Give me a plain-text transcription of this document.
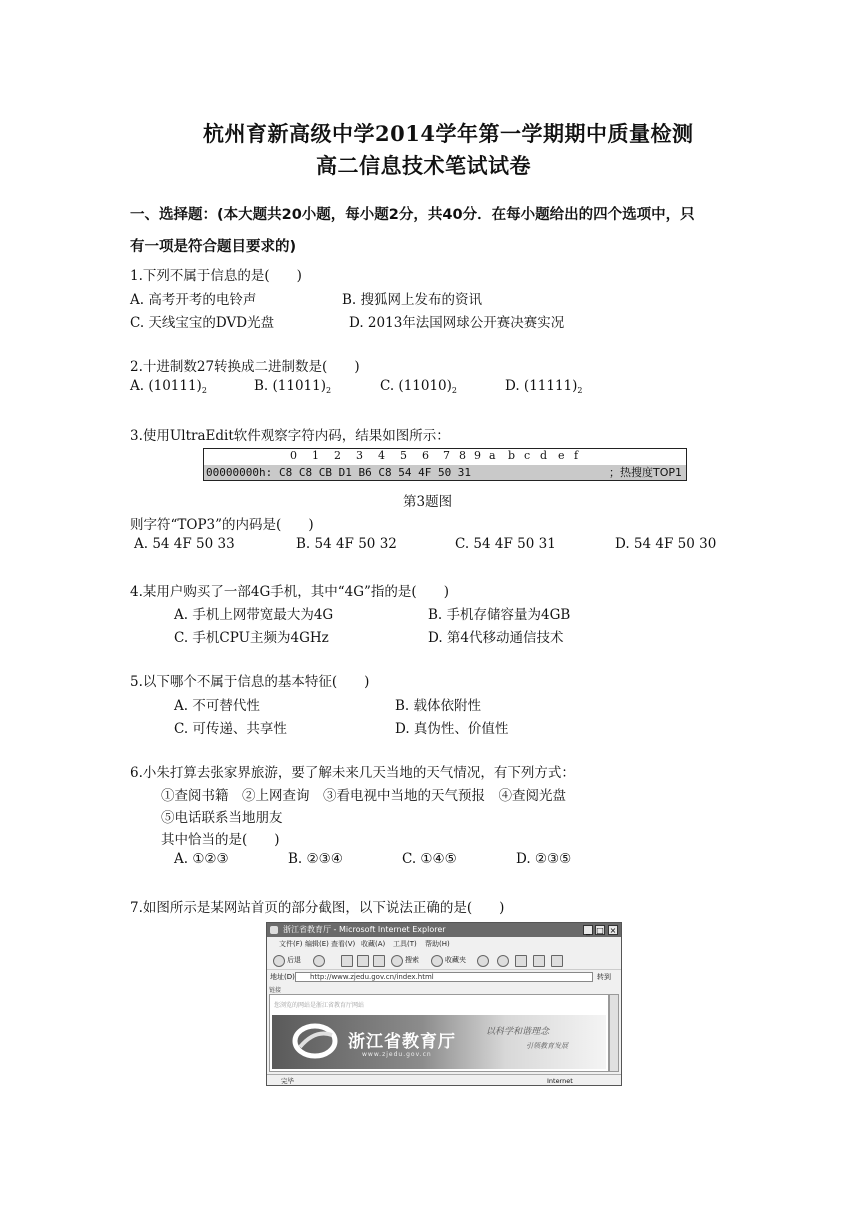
杭州育新高级中学2014学年第一学期期中质量检测
高二信息技术笔试试卷
一、选择题：(本大题共20小题，每小题2分，共40分．在每小题给出的四个选项中，只
有一项是符合题目要求的)
1.下列不属于信息的是(　　)
A. 高考开考的电铃声	B. 搜狐网上发布的资讯
C. 天线宝宝的DVD光盘	D. 2013年法国网球公开赛决赛实况
2.十进制数27转换成二进制数是(　　)
A. $(10111)_2$	B. $(11011)_2$	C. $(11010)_2$	D. $(11111)_2$
3.使用UltraEdit软件观察字符内码，结果如图所示：
0 1 2 3 4 5 6 7 8 9 a b c d e f
00000000h: C8 C8 CB D1 B6 C8 54 4F 50 31	；热搜度TOP1
第3题图
则字符“TOP3”的内码是(　　)
A. 54 4F 50 33	B. 54 4F 50 32	C. 54 4F 50 31	D. 54 4F 50 30
4.某用户购买了一部4G手机，其中“4G”指的是(　　)
A. 手机上网带宽最大为4G	B. 手机存储容量为4GB
C. 手机CPU主频为4GHz	D. 第4代移动通信技术
5.以下哪个不属于信息的基本特征(　　)
A. 不可替代性	B. 载体依附性
C. 可传递、共享性	D. 真伪性、价值性
6.小朱打算去张家界旅游，要了解未来几天当地的天气情况，有下列方式：
①查阅书籍　②上网查询　③看电视中当地的天气预报　④查阅光盘
⑤电话联系当地朋友
其中恰当的是(　　)
A. ①②③	B. ②③④	C. ①④⑤	D. ②③⑤
7.如图所示是某网站首页的部分截图，以下说法正确的是(　　)
浙江省教育厅 - Microsoft Internet Explorer	_ □ ×
文件(F) 编辑(E) 查看(V) 收藏(A) 工具(T) 帮助(H)
后退	搜索	收藏夹
地址(D)	http://www.zjedu.gov.cn/index.html	转到
链接
您浏览的网站是浙江省教育厅网站
浙江省教育厅
www.zjedu.gov.cn
以科学和谐理念
引领教育发展
完毕	Internet
